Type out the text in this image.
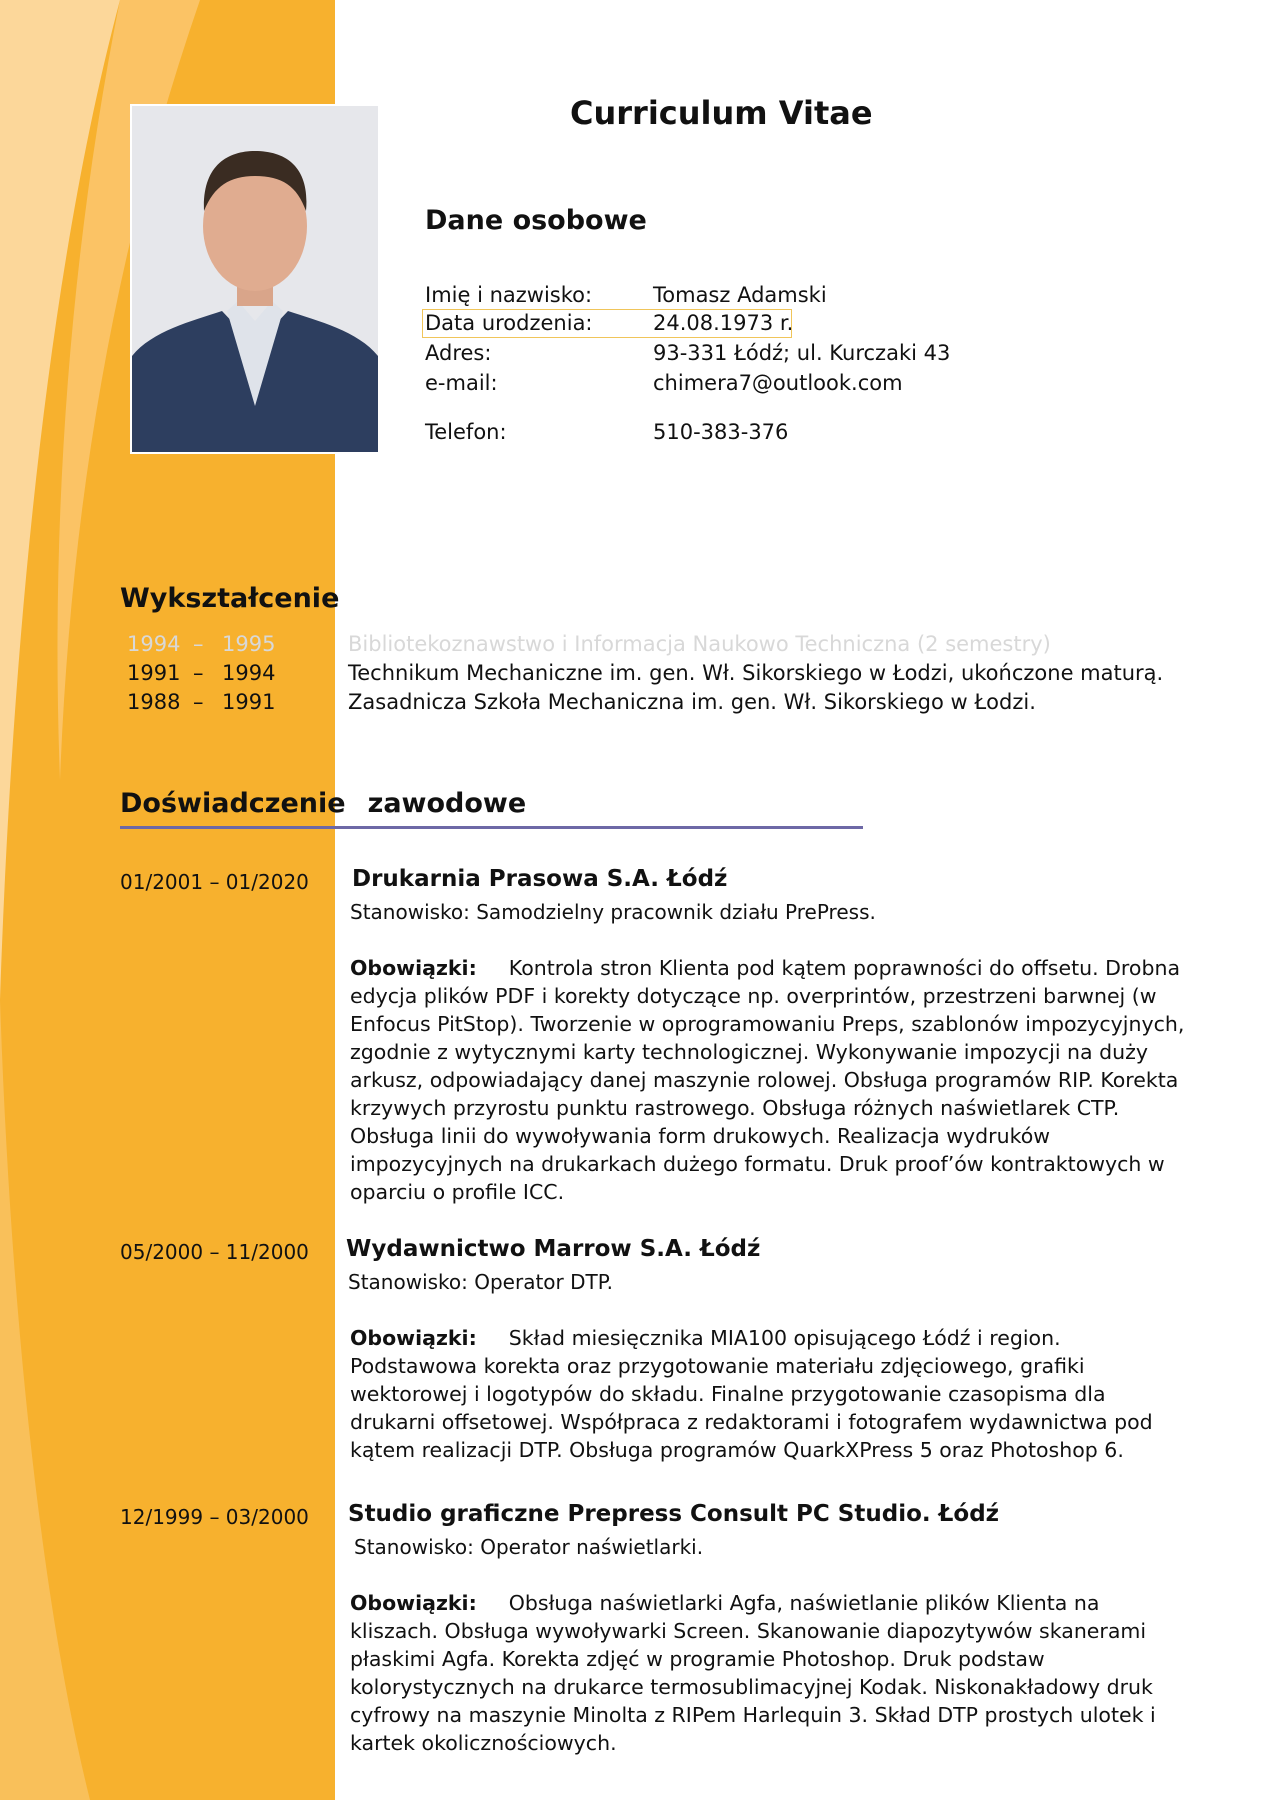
Curriculum Vitae
Dane osobowe
Imię i nazwisko:	Tomasz Adamski
Data urodzenia:	24.08.1973 r.
Adres:	93-331 Łódź; ul. Kurczaki 43
e-mail:	chimera7@outlook.com
Telefon:	510-383-376
Wykształcenie
1994 – 1995	Bibliotekoznawstwo i Informacja Naukowo Techniczna (2 semestry)
1991 – 1994	Technikum Mechaniczne im. gen. Wł. Sikorskiego w Łodzi, ukończone maturą.
1988 – 1991	Zasadnicza Szkoła Mechaniczna im. gen. Wł. Sikorskiego w Łodzi.
Doświadczenie zawodowe
01/2001 – 01/2020 Drukarnia Prasowa S.A. Łódź
Stanowisko: Samodzielny pracownik działu PrePress.
Obowiązki: Kontrola stron Klienta pod kątem poprawności do offsetu. Drobna edycja plików PDF i korekty dotyczące np. overprintów, przestrzeni barwnej (w Enfocus PitStop). Tworzenie w oprogramowaniu Preps, szablonów impozycyjnych, zgodnie z wytycznymi karty technologicznej. Wykonywanie impozycji na duży arkusz, odpowiadający danej maszynie rolowej. Obsługa programów RIP. Korekta krzywych przyrostu punktu rastrowego. Obsługa różnych naświetlarek CTP. Obsługa linii do wywoływania form drukowych. Realizacja wydruków impozycyjnych na drukarkach dużego formatu. Druk proof’ów kontraktowych w oparciu o profile ICC.
05/2000 – 11/2000 Wydawnictwo Marrow S.A. Łódź
Stanowisko: Operator DTP.
Obowiązki: Skład miesięcznika MIA100 opisującego Łódź i region. Podstawowa korekta oraz przygotowanie materiału zdjęciowego, grafiki wektorowej i logotypów do składu. Finalne przygotowanie czasopisma dla drukarni offsetowej. Współpraca z redaktorami i fotografem wydawnictwa pod kątem realizacji DTP. Obsługa programów QuarkXPress 5 oraz Photoshop 6.
12/1999 – 03/2000 Studio graficzne Prepress Consult PC Studio. Łódź
Stanowisko: Operator naświetlarki.
Obowiązki: Obsługa naświetlarki Agfa, naświetlanie plików Klienta na kliszach. Obsługa wywoływarki Screen. Skanowanie diapozytywów skanerami płaskimi Agfa. Korekta zdjęć w programie Photoshop. Druk podstaw kolorystycznych na drukarce termosublimacyjnej Kodak. Niskonakładowy druk cyfrowy na maszynie Minolta z RIPem Harlequin 3. Skład DTP prostych ulotek i kartek okolicznościowych.
